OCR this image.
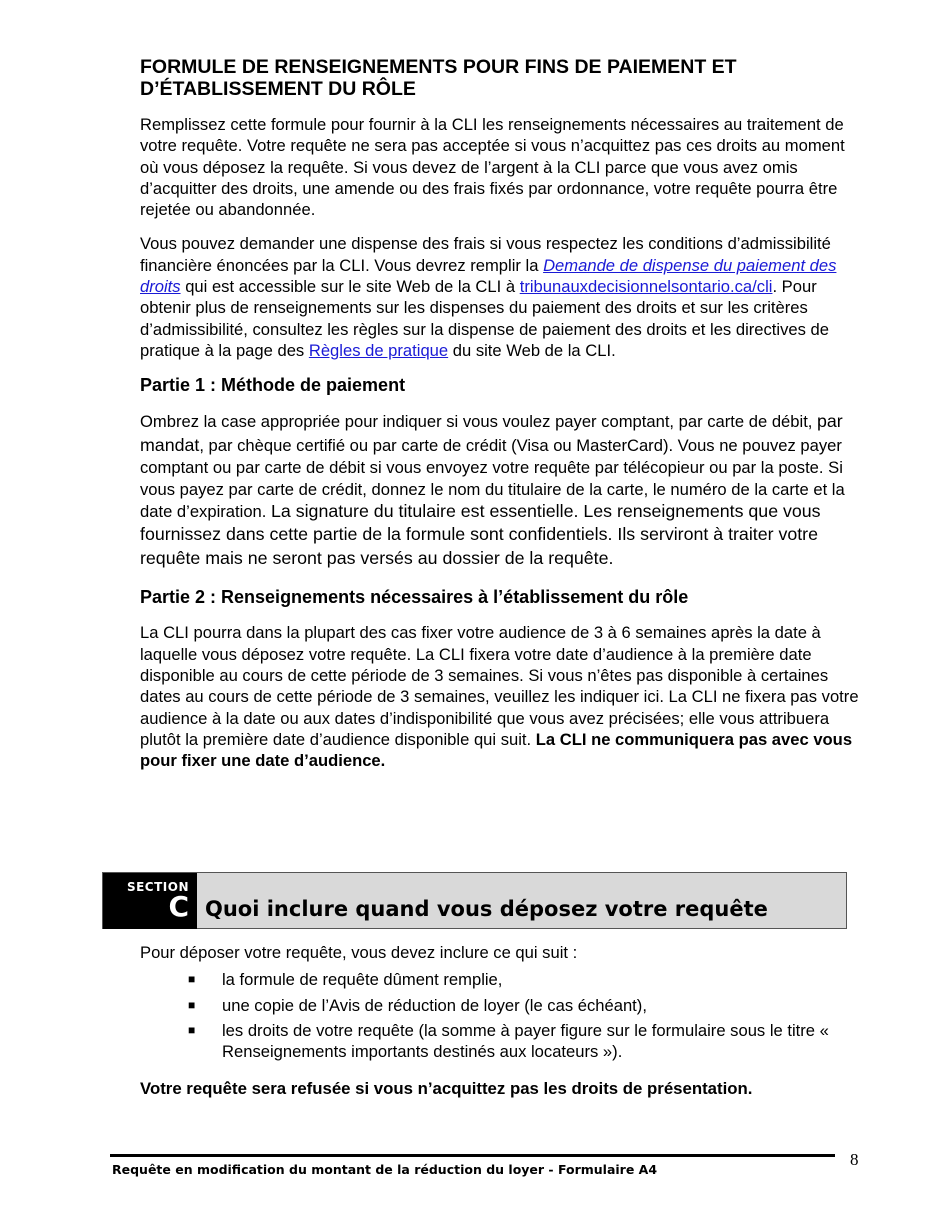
FORMULE DE RENSEIGNEMENTS POUR FINS DE PAIEMENT ET
D’ÉTABLISSEMENT DU RÔLE

Remplissez cette formule pour fournir à la CLI les renseignements nécessaires au traitement de votre requête. Votre requête ne sera pas acceptée si vous n’acquittez pas ces droits au moment où vous déposez la requête. Si vous devez de l’argent à la CLI parce que vous avez omis d’acquitter des droits, une amende ou des frais fixés par ordonnance, votre requête pourra être rejetée ou abandonnée.

Vous pouvez demander une dispense des frais si vous respectez les conditions d’admissibilité financière énoncées par la CLI. Vous devrez remplir la Demande de dispense du paiement des droits qui est accessible sur le site Web de la CLI à tribunauxdecisionnelsontario.ca/cli. Pour obtenir plus de renseignements sur les dispenses du paiement des droits et sur les critères d’admissibilité, consultez les règles sur la dispense de paiement des droits et les directives de pratique à la page des Règles de pratique du site Web de la CLI.

Partie 1 : Méthode de paiement

Ombrez la case appropriée pour indiquer si vous voulez payer comptant, par carte de débit, par mandat, par chèque certifié ou par carte de crédit (Visa ou MasterCard). Vous ne pouvez payer comptant ou par carte de débit si vous envoyez votre requête par télécopieur ou par la poste. Si vous payez par carte de crédit, donnez le nom du titulaire de la carte, le numéro de la carte et la date d’expiration. La signature du titulaire est essentielle. Les renseignements que vous fournissez dans cette partie de la formule sont confidentiels. Ils serviront à traiter votre requête mais ne seront pas versés au dossier de la requête.

Partie 2 : Renseignements nécessaires à l’établissement du rôle

La CLI pourra dans la plupart des cas fixer votre audience de 3 à 6 semaines après la date à laquelle vous déposez votre requête. La CLI fixera votre date d’audience à la première date disponible au cours de cette période de 3 semaines. Si vous n’êtes pas disponible à certaines dates au cours de cette période de 3 semaines, veuillez les indiquer ici. La CLI ne fixera pas votre audience à la date ou aux dates d’indisponibilité que vous avez précisées; elle vous attribuera plutôt la première date d’audience disponible qui suit. La CLI ne communiquera pas avec vous pour fixer une date d’audience.

SECTION
C Quoi inclure quand vous déposez votre requête

Pour déposer votre requête, vous devez inclure ce qui suit :

■ la formule de requête dûment remplie,
■ une copie de l’Avis de réduction de loyer (le cas échéant),
■ les droits de votre requête (la somme à payer figure sur le formulaire sous le titre « Renseignements importants destinés aux locateurs »).
Votre requête sera refusée si vous n’acquittez pas les droits de présentation.
Requête en modification du montant de la réduction du loyer - Formulaire A4
8
